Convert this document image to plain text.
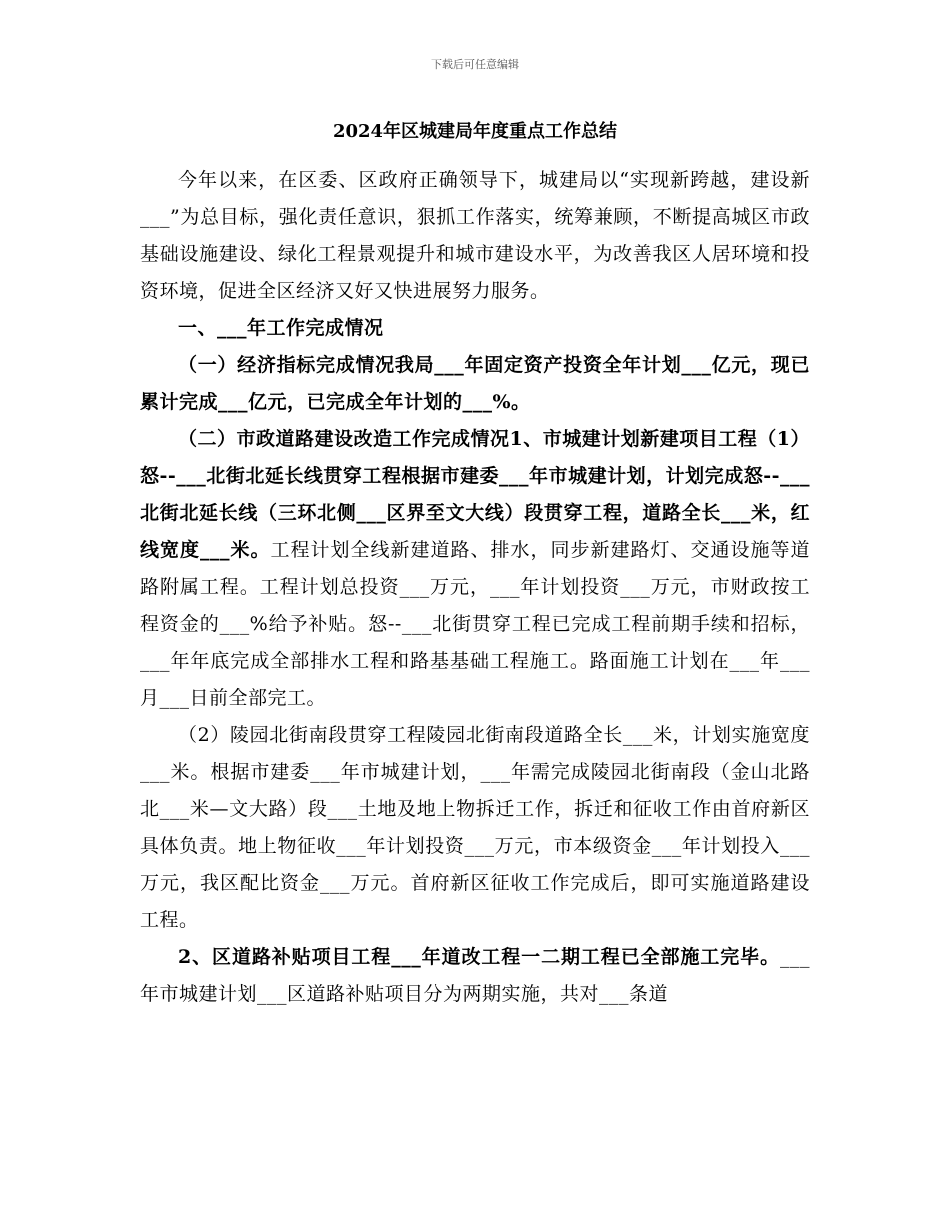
下载后可任意编辑
2024年区城建局年度重点工作总结

今年以来，在区委、区政府正确领导下，城建局以“实现新跨越，建设新___”为总目标，强化责任意识，狠抓工作落实，统筹兼顾，不断提高城区市政基础设施建设、绿化工程景观提升和城市建设水平，为改善我区人居环境和投资环境，促进全区经济又好又快进展努力服务。

一、___年工作完成情况

（一）经济指标完成情况我局___年固定资产投资全年计划___亿元，现已累计完成___亿元，已完成全年计划的___%。

（二）市政道路建设改造工作完成情况1、市城建计划新建项目工程（1）怒--___北街北延长线贯穿工程根据市建委___年市城建计划，计划完成怒--___北街北延长线（三环北侧___区界至文大线）段贯穿工程，道路全长___米，红线宽度___米。工程计划全线新建道路、排水，同步新建路灯、交通设施等道路附属工程。工程计划总投资___万元，___年计划投资___万元，市财政按工程资金的___%给予补贴。怒--___北街贯穿工程已完成工程前期手续和招标，___年年底完成全部排水工程和路基基础工程施工。路面施工计划在___年___月___日前全部完工。

（2）陵园北街南段贯穿工程陵园北街南段道路全长___米，计划实施宽度___米。根据市建委___年市城建计划，___年需完成陵园北街南段（金山北路北___米—文大路）段___土地及地上物拆迁工作，拆迁和征收工作由首府新区具体负责。地上物征收___年计划投资___万元，市本级资金___年计划投入___万元，我区配比资金___万元。首府新区征收工作完成后，即可实施道路建设工程。

2、区道路补贴项目工程___年道改工程一二期工程已全部施工完毕。___年市城建计划___区道路补贴项目分为两期实施，共对___条道
